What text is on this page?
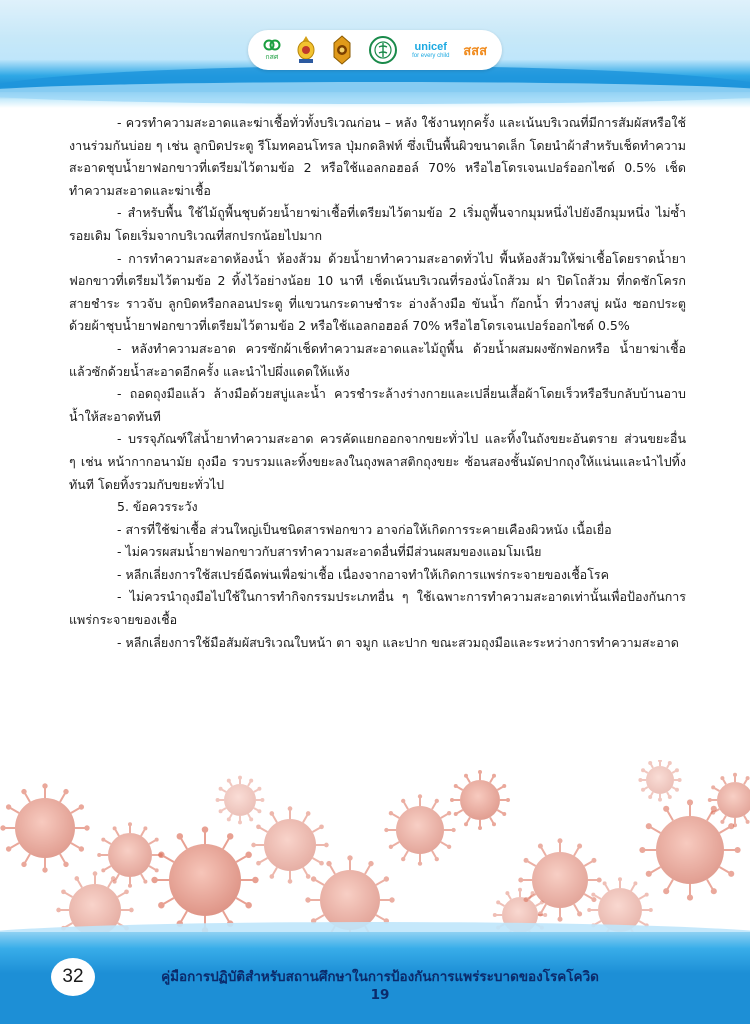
กสศ
unicef
for every child สสส

- ควรทำความสะอาดและฆ่าเชื้อทั่วทั้งบริเวณก่อน – หลัง ใช้งานทุกครั้ง และเน้นบริเวณที่มีการสัมผัสหรือใช้งานร่วมกันบ่อย ๆ เช่น ลูกบิดประตู รีโมทคอนโทรล ปุ่มกดลิฟท์ ซึ่งเป็นพื้นผิวขนาดเล็ก โดยนำผ้าสำหรับเช็ดทำความสะอาดชุบน้ำยาฟอกขาวที่เตรียมไว้ตามข้อ 2 หรือใช้แอลกอฮอล์ 70% หรือไฮโดรเจนเปอร์ออกไซด์ 0.5% เช็ดทำความสะอาดและฆ่าเชื้อ

- สำหรับพื้น ใช้ไม้ถูพื้นชุบด้วยน้ำยาฆ่าเชื้อที่เตรียมไว้ตามข้อ 2 เริ่มถูพื้นจากมุมหนึ่งไปยังอีกมุมหนึ่ง ไม่ซ้ำรอยเดิม โดยเริ่มจากบริเวณที่สกปรกน้อยไปมาก

- การทำความสะอาดห้องน้ำ ห้องส้วม ด้วยน้ำยาทำความสะอาดทั่วไป พื้นห้องส้วมให้ฆ่าเชื้อโดยราดน้ำยาฟอกขาวที่เตรียมไว้ตามข้อ 2 ทิ้งไว้อย่างน้อย 10 นาที เช็ดเน้นบริเวณที่รองนั่งโถส้วม ฝา ปิดโถส้วม ที่กดชักโครก สายชำระ ราวจับ ลูกบิดหรือกลอนประตู ที่แขวนกระดาษชำระ อ่างล้างมือ ขันน้ำ ก๊อกน้ำ ที่วางสบู่ ผนัง ซอกประตู ด้วยผ้าชุบน้ำยาฟอกขาวที่เตรียมไว้ตามข้อ 2 หรือใช้แอลกอฮอล์ 70% หรือไฮโดรเจนเปอร์ออกไซด์ 0.5%

- หลังทำความสะอาด ควรซักผ้าเช็ดทำความสะอาดและไม้ถูพื้น ด้วยน้ำผสมผงซักฟอกหรือ น้ำยาฆ่าเชื้อ แล้วซักด้วยน้ำสะอาดอีกครั้ง และนำไปผึ่งแดดให้แห้ง

- ถอดถุงมือแล้ว ล้างมือด้วยสบู่และน้ำ ควรชำระล้างร่างกายและเปลี่ยนเสื้อผ้าโดยเร็วหรือรีบกลับบ้านอาบน้ำให้สะอาดทันที

- บรรจุภัณฑ์ใส่น้ำยาทำความสะอาด ควรคัดแยกออกจากขยะทั่วไป และทิ้งในถังขยะอันตราย ส่วนขยะอื่น ๆ เช่น หน้ากากอนามัย ถุงมือ รวบรวมและทิ้งขยะลงในถุงพลาสติกถุงขยะ ซ้อนสองชั้นมัดปากถุงให้แน่นและนำไปทิ้งทันที โดยทิ้งรวมกับขยะทั่วไป

5. ข้อควรระวัง

- สารที่ใช้ฆ่าเชื้อ ส่วนใหญ่เป็นชนิดสารฟอกขาว อาจก่อให้เกิดการระคายเคืองผิวหนัง เนื้อเยื่อ

- ไม่ควรผสมน้ำยาฟอกขาวกับสารทำความสะอาดอื่นที่มีส่วนผสมของแอมโมเนีย

- หลีกเลี่ยงการใช้สเปรย์ฉีดพ่นเพื่อฆ่าเชื้อ เนื่องจากอาจทำให้เกิดการแพร่กระจายของเชื้อโรค

- ไม่ควรนำถุงมือไปใช้ในการทำกิจกรรมประเภทอื่น ๆ ใช้เฉพาะการทำความสะอาดเท่านั้นเพื่อป้องกันการแพร่กระจายของเชื้อ

- หลีกเลี่ยงการใช้มือสัมผัสบริเวณใบหน้า ตา จมูก และปาก ขณะสวมถุงมือและระหว่างการทำความสะอาด

32	คู่มือการปฏิบัติสำหรับสถานศึกษาในการป้องกันการแพร่ระบาดของโรคโควิด 19
